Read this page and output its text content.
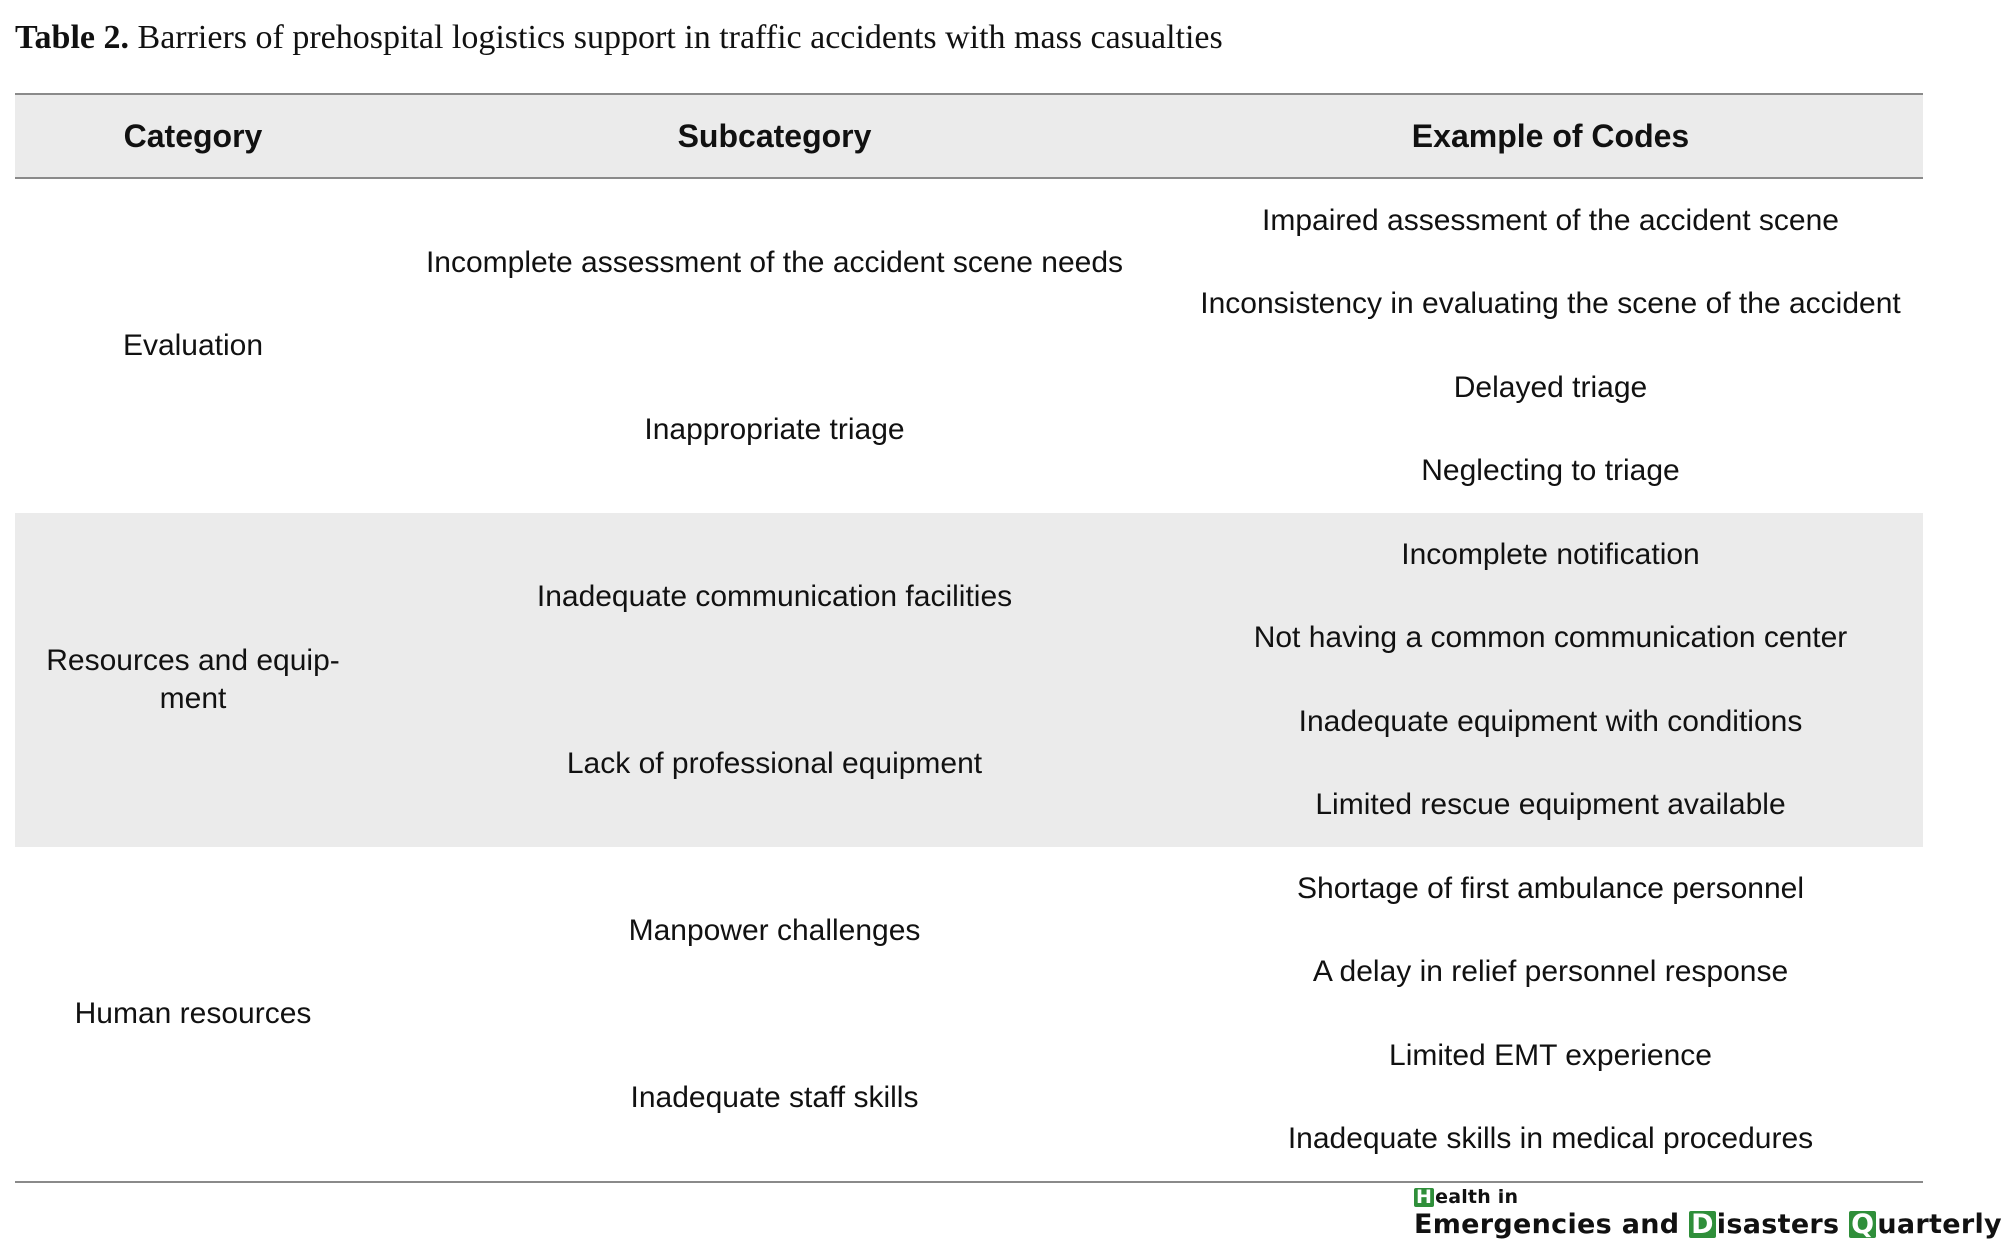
Table 2. Barriers of prehospital logistics support in traffic accidents with mass casualties
Category	Subcategory	Example of Codes
Evaluation	Incomplete assessment of the accident scene needs	Impaired assessment of the accident scene
		Inconsistency in evaluating the scene of the accident
	Inappropriate triage	Delayed triage
		Neglecting to triage
Resources and equip-
ment	Inadequate communication facilities	Incomplete notification
		Not having a common communication center
	Lack of professional equipment	Inadequate equipment with conditions
		Limited rescue equipment available
Human resources	Manpower challenges	Shortage of first ambulance personnel
		A delay in relief personnel response
	Inadequate staff skills	Limited EMT experience
		Inadequate skills in medical procedures
H ealth in
Emergencies and D isasters Q uarterly
